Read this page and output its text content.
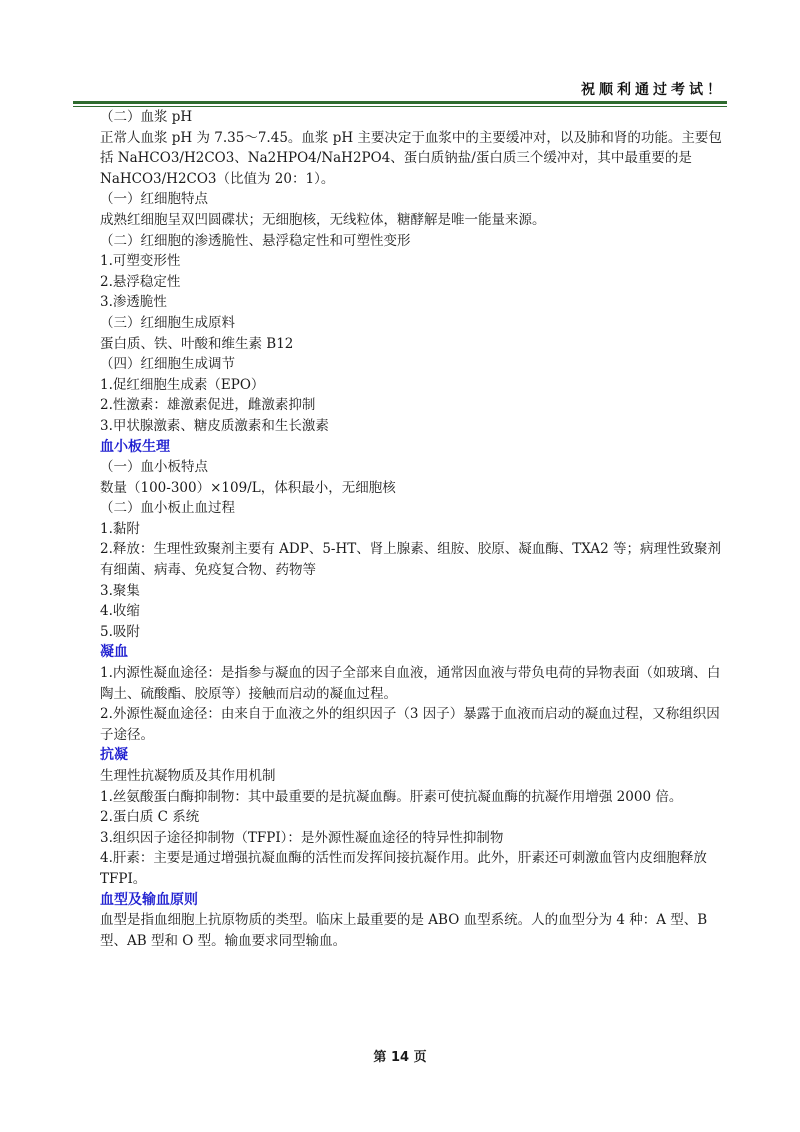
祝顺利通过考试！

（二）血浆 pH

正常人血浆 pH 为 7.35～7.45。血浆 pH 主要决定于血浆中的主要缓冲对，以及肺和肾的功能。主要包括 NaHCO3/H2CO3、Na2HPO4/NaH2PO4、蛋白质钠盐/蛋白质三个缓冲对，其中最重要的是 NaHCO3/H2CO3（比值为 20：1）。

（一）红细胞特点

成熟红细胞呈双凹圆碟状；无细胞核，无线粒体，糖酵解是唯一能量来源。

（二）红细胞的渗透脆性、悬浮稳定性和可塑性变形

1.可塑变形性

2.悬浮稳定性

3.渗透脆性

（三）红细胞生成原料

蛋白质、铁、叶酸和维生素 B12

（四）红细胞生成调节

1.促红细胞生成素（EPO）

2.性激素：雄激素促进，雌激素抑制

3.甲状腺激素、糖皮质激素和生长激素

血小板生理

（一）血小板特点

数量（100-300）×109/L，体积最小，无细胞核

（二）血小板止血过程

1.黏附

2.释放：生理性致聚剂主要有 ADP、5-HT、肾上腺素、组胺、胶原、凝血酶、TXA2 等；病理性致聚剂有细菌、病毒、免疫复合物、药物等

3.聚集

4.收缩

5.吸附

凝血

1.内源性凝血途径：是指参与凝血的因子全部来自血液，通常因血液与带负电荷的异物表面（如玻璃、白陶土、硫酸酯、胶原等）接触而启动的凝血过程。

2.外源性凝血途径：由来自于血液之外的组织因子（3 因子）暴露于血液而启动的凝血过程，又称组织因子途径。

抗凝

生理性抗凝物质及其作用机制

1.丝氨酸蛋白酶抑制物：其中最重要的是抗凝血酶。肝素可使抗凝血酶的抗凝作用增强 2000 倍。

2.蛋白质 C 系统

3.组织因子途径抑制物（TFPI）：是外源性凝血途径的特异性抑制物

4.肝素：主要是通过增强抗凝血酶的活性而发挥间接抗凝作用。此外，肝素还可刺激血管内皮细胞释放 TFPI。

血型及输血原则

血型是指血细胞上抗原物质的类型。临床上最重要的是 ABO 血型系统。人的血型分为 4 种：A 型、B 型、AB 型和 O 型。输血要求同型输血。

第 14 页
